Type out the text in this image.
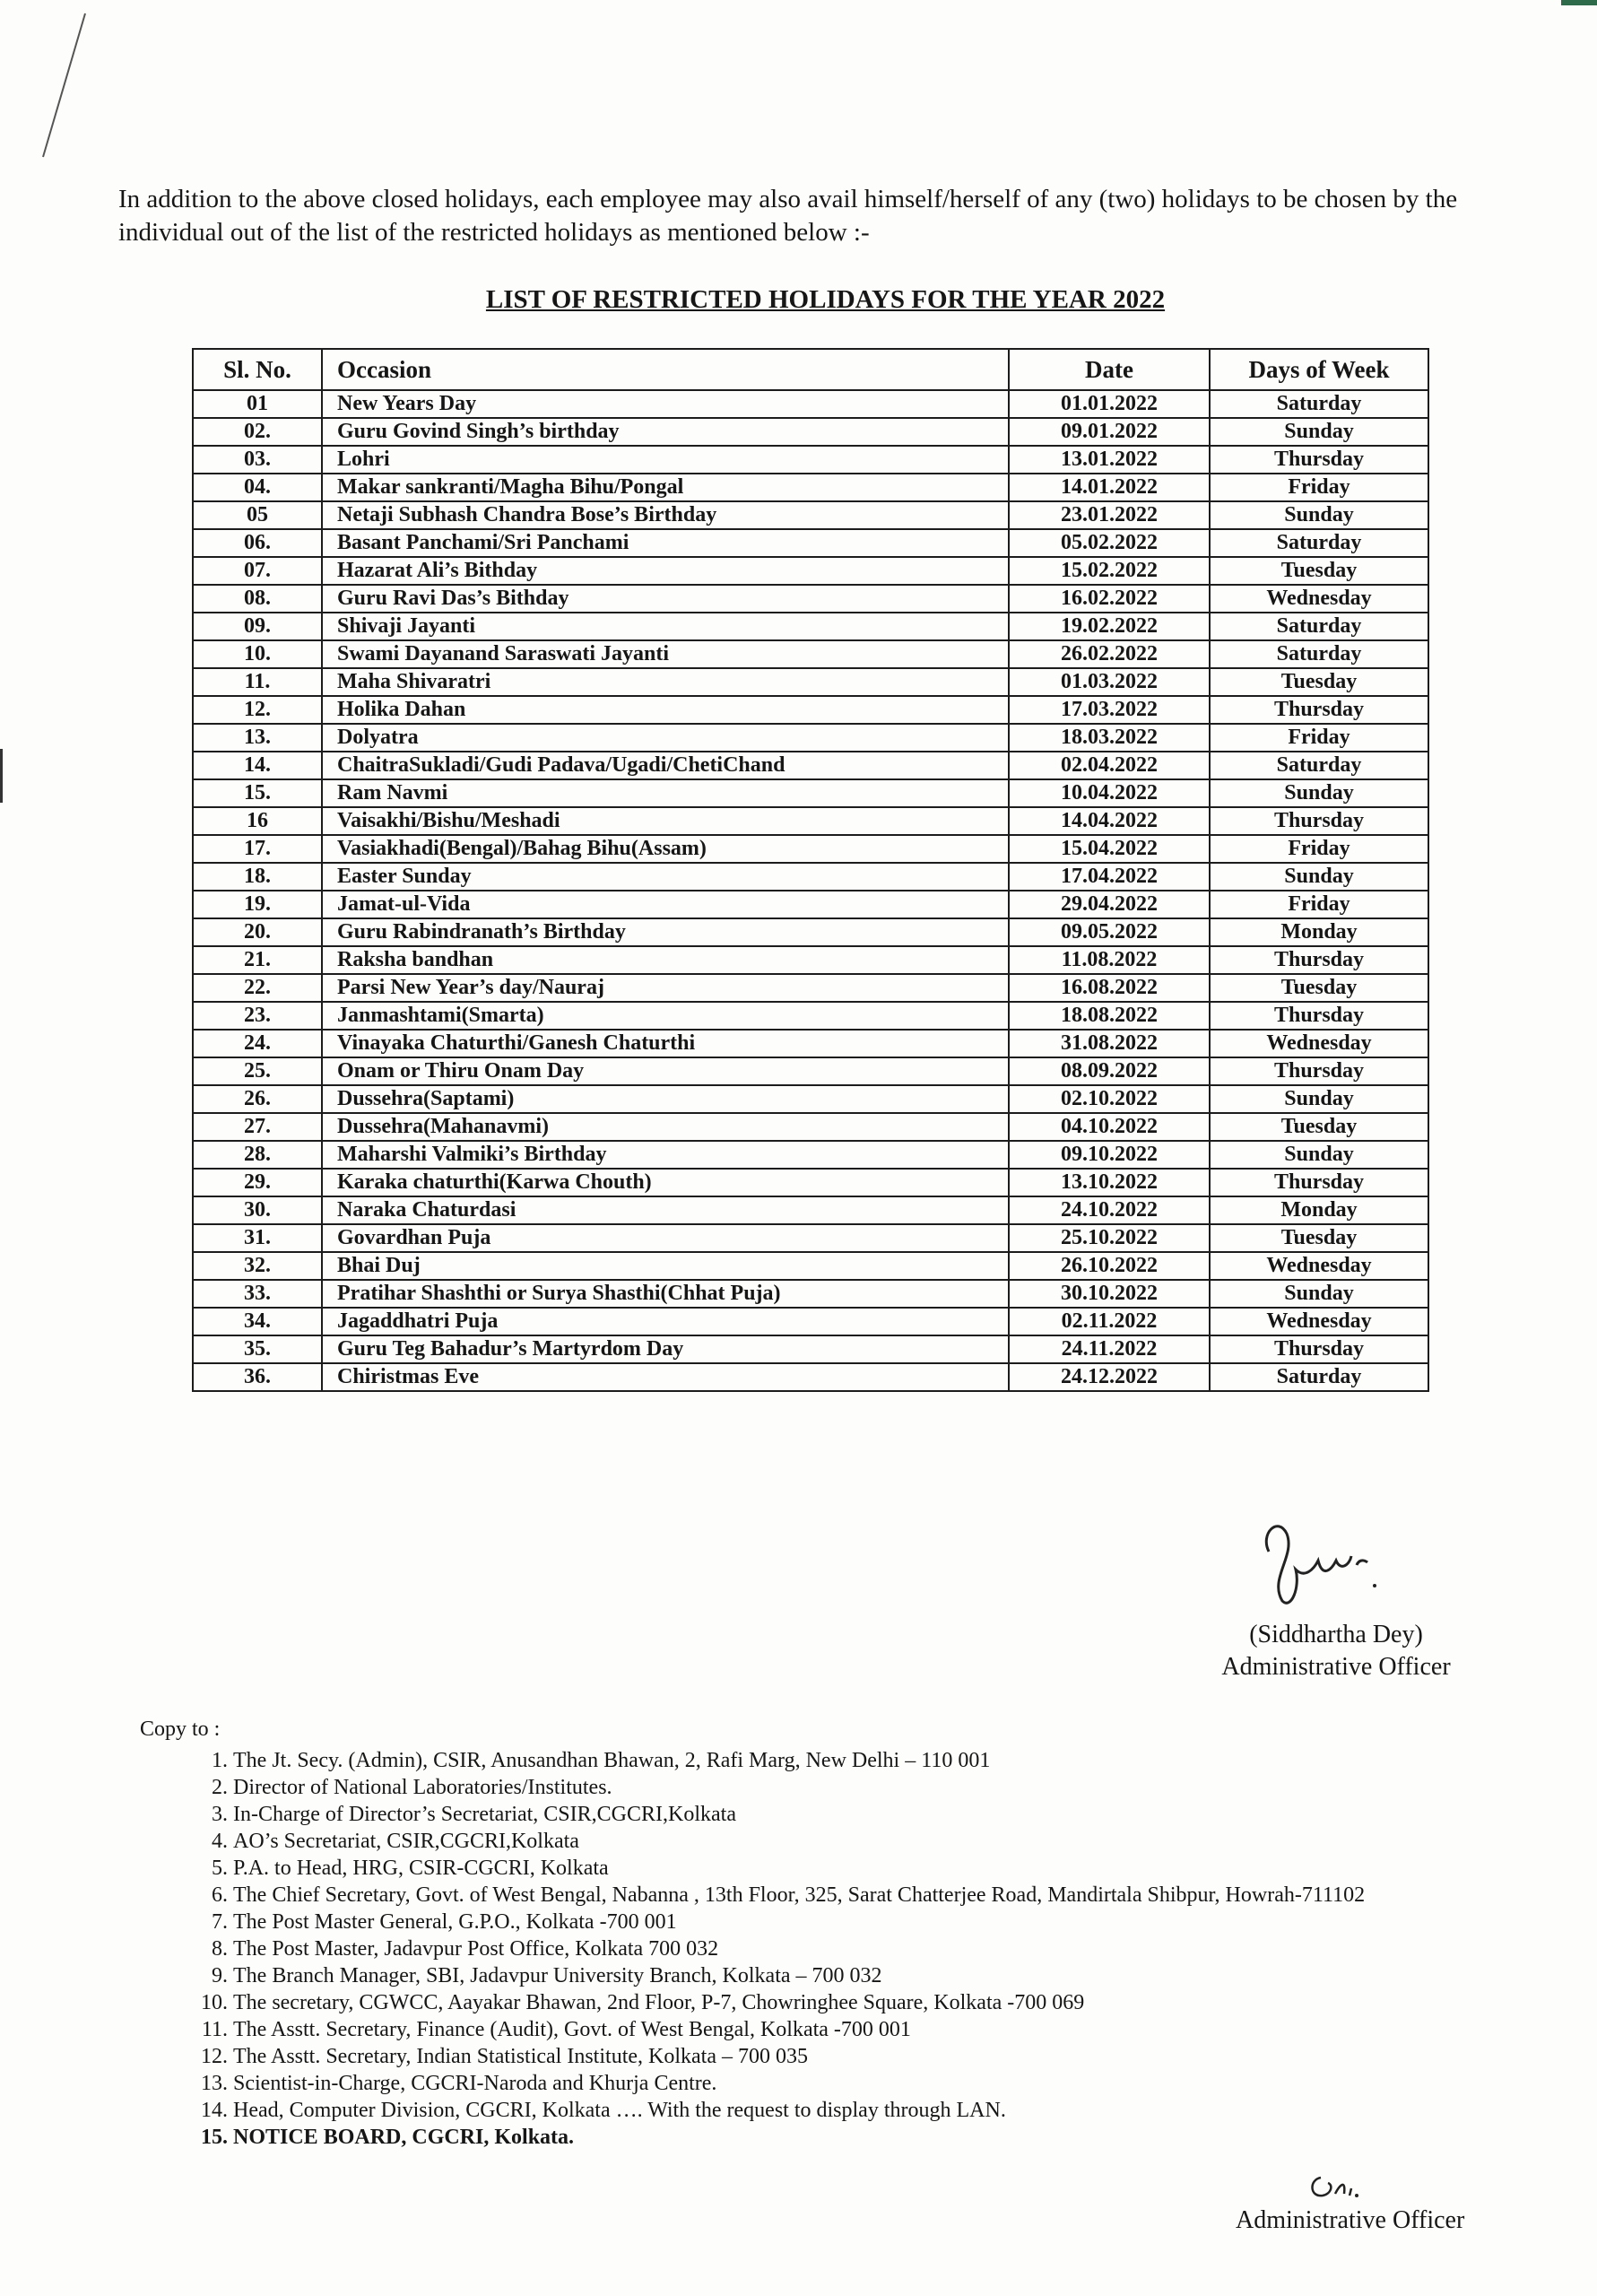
In addition to the above closed holidays, each employee may also avail himself/herself of any (two) holidays to be chosen by the individual out of the list of the restricted holidays as mentioned below :-

LIST OF RESTRICTED HOLIDAYS FOR THE YEAR 2022

Sl. No.	Occasion	Date	Days of Week
01	New Years Day	01.01.2022	Saturday
02.	Guru Govind Singh’s birthday	09.01.2022	Sunday
03.	Lohri	13.01.2022	Thursday
04.	Makar sankranti/Magha Bihu/Pongal	14.01.2022	Friday
05	Netaji Subhash Chandra Bose’s Birthday	23.01.2022	Sunday
06.	Basant Panchami/Sri Panchami	05.02.2022	Saturday
07.	Hazarat Ali’s Bithday	15.02.2022	Tuesday
08.	Guru Ravi Das’s Bithday	16.02.2022	Wednesday
09.	Shivaji Jayanti	19.02.2022	Saturday
10.	Swami Dayanand Saraswati Jayanti	26.02.2022	Saturday
11.	Maha Shivaratri	01.03.2022	Tuesday
12.	Holika Dahan	17.03.2022	Thursday
13.	Dolyatra	18.03.2022	Friday
14.	ChaitraSukladi/Gudi Padava/Ugadi/ChetiChand	02.04.2022	Saturday
15.	Ram Navmi	10.04.2022	Sunday
16	Vaisakhi/Bishu/Meshadi	14.04.2022	Thursday
17.	Vasiakhadi(Bengal)/Bahag Bihu(Assam)	15.04.2022	Friday
18.	Easter Sunday	17.04.2022	Sunday
19.	Jamat-ul-Vida	29.04.2022	Friday
20.	Guru Rabindranath’s Birthday	09.05.2022	Monday
21.	Raksha bandhan	11.08.2022	Thursday
22.	Parsi New Year’s day/Nauraj	16.08.2022	Tuesday
23.	Janmashtami(Smarta)	18.08.2022	Thursday
24.	Vinayaka Chaturthi/Ganesh Chaturthi	31.08.2022	Wednesday
25.	Onam or Thiru Onam Day	08.09.2022	Thursday
26.	Dussehra(Saptami)	02.10.2022	Sunday
27.	Dussehra(Mahanavmi)	04.10.2022	Tuesday
28.	Maharshi Valmiki’s Birthday	09.10.2022	Sunday
29.	Karaka chaturthi(Karwa Chouth)	13.10.2022	Thursday
30.	Naraka Chaturdasi	24.10.2022	Monday
31.	Govardhan Puja	25.10.2022	Tuesday
32.	Bhai Duj	26.10.2022	Wednesday
33.	Pratihar Shashthi or Surya Shasthi(Chhat Puja)	30.10.2022	Sunday
34.	Jagaddhatri Puja	02.11.2022	Wednesday
35.	Guru Teg Bahadur’s Martyrdom Day	24.11.2022	Thursday
36.	Chiristmas Eve	24.12.2022	Saturday
(Siddhartha Dey)
Administrative Officer
Copy to :
1. The Jt. Secy. (Admin), CSIR, Anusandhan Bhawan, 2, Rafi Marg, New Delhi – 110 001
2. Director of National Laboratories/Institutes.
3. In-Charge of Director’s Secretariat, CSIR,CGCRI,Kolkata
4. AO’s Secretariat, CSIR,CGCRI,Kolkata
5. P.A. to Head, HRG, CSIR-CGCRI, Kolkata
6. The Chief Secretary, Govt. of West Bengal, Nabanna , 13th Floor, 325, Sarat Chatterjee Road, Mandirtala Shibpur, Howrah-711102
7. The Post Master General, G.P.O., Kolkata -700 001
8. The Post Master, Jadavpur Post Office, Kolkata 700 032
9. The Branch Manager, SBI, Jadavpur University Branch, Kolkata – 700 032
10. The secretary, CGWCC, Aayakar Bhawan, 2nd Floor, P-7, Chowringhee Square, Kolkata -700 069
11. The Asstt. Secretary, Finance (Audit), Govt. of West Bengal, Kolkata -700 001
12. The Asstt. Secretary, Indian Statistical Institute, Kolkata – 700 035
13. Scientist-in-Charge, CGCRI-Naroda and Khurja Centre.
14. Head, Computer Division, CGCRI, Kolkata …. With the request to display through LAN.
15. NOTICE BOARD, CGCRI, Kolkata.
Administrative Officer
